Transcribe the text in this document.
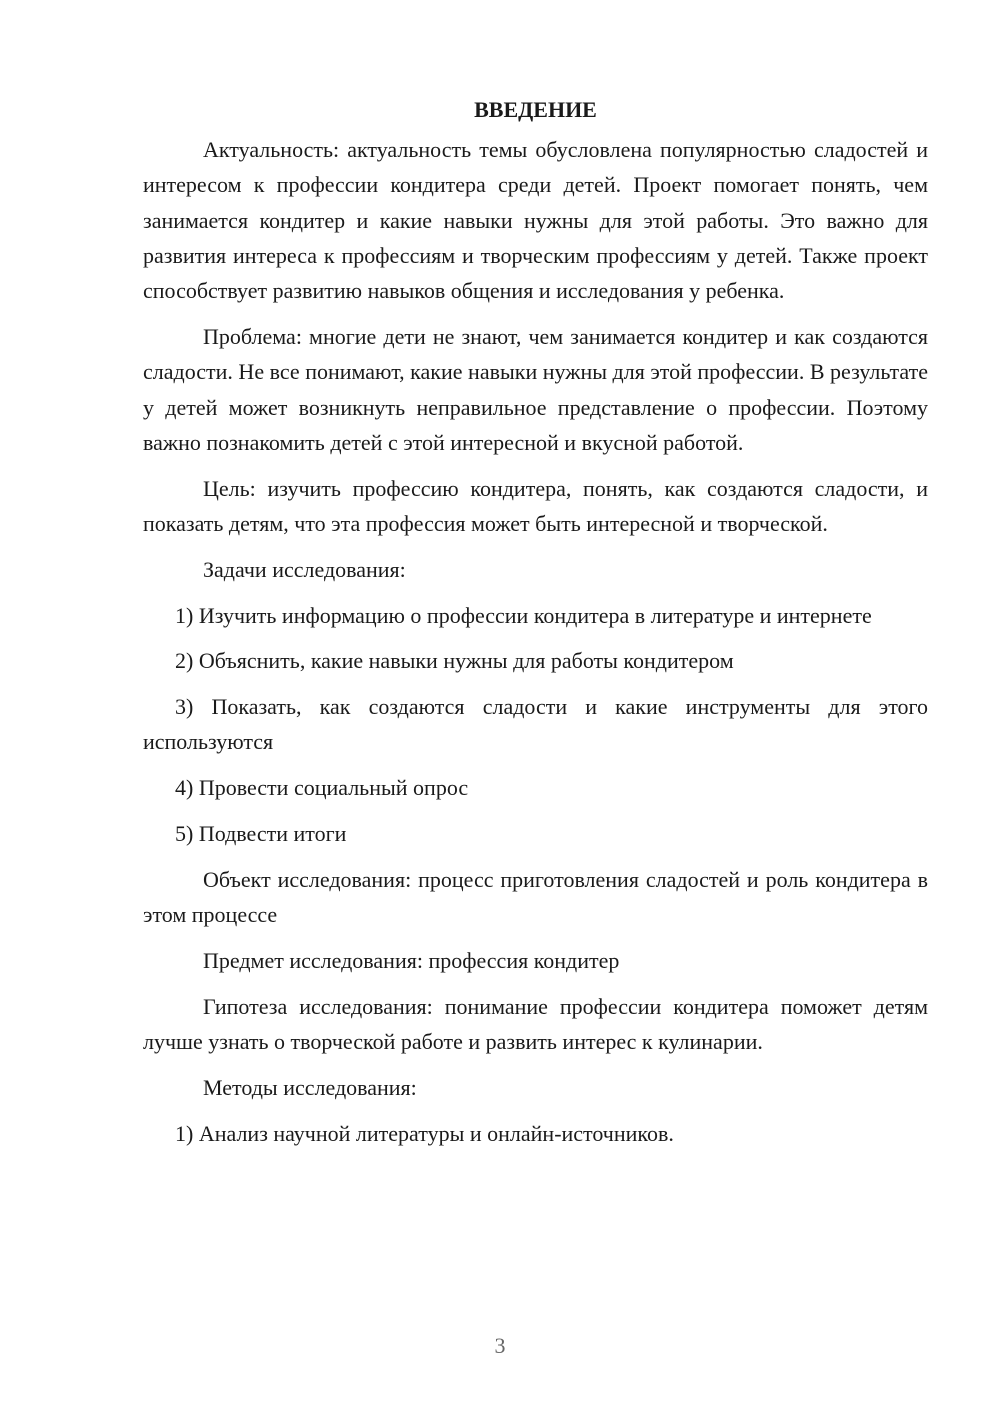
ВВЕДЕНИЕ

Актуальность: актуальность темы обусловлена популярностью сладостей и интересом к профессии кондитера среди детей. Проект помогает понять, чем занимается кондитер и какие навыки нужны для этой работы. Это важно для развития интереса к профессиям и творческим профессиям у детей. Также проект способствует развитию навыков общения и исследования у ребенка.

Проблема: многие дети не знают, чем занимается кондитер и как создаются сладости. Не все понимают, какие навыки нужны для этой профессии. В результате у детей может возникнуть неправильное представление о профессии. Поэтому важно познакомить детей с этой интересной и вкусной работой.

Цель: изучить профессию кондитера, понять, как создаются сладости, и показать детям, что эта профессия может быть интересной и творческой.

Задачи исследования:

1) Изучить информацию о профессии кондитера в литературе и интернете

2) Объяснить, какие навыки нужны для работы кондитером

3) Показать, как создаются сладости и какие инструменты для этого используются

4) Провести социальный опрос

5) Подвести итоги

Объект исследования: процесс приготовления сладостей и роль кондитера в этом процессе

Предмет исследования: профессия кондитер

Гипотеза исследования: понимание профессии кондитера поможет детям лучше узнать о творческой работе и развить интерес к кулинарии.

Методы исследования:

1) Анализ научной литературы и онлайн-источников.

3
